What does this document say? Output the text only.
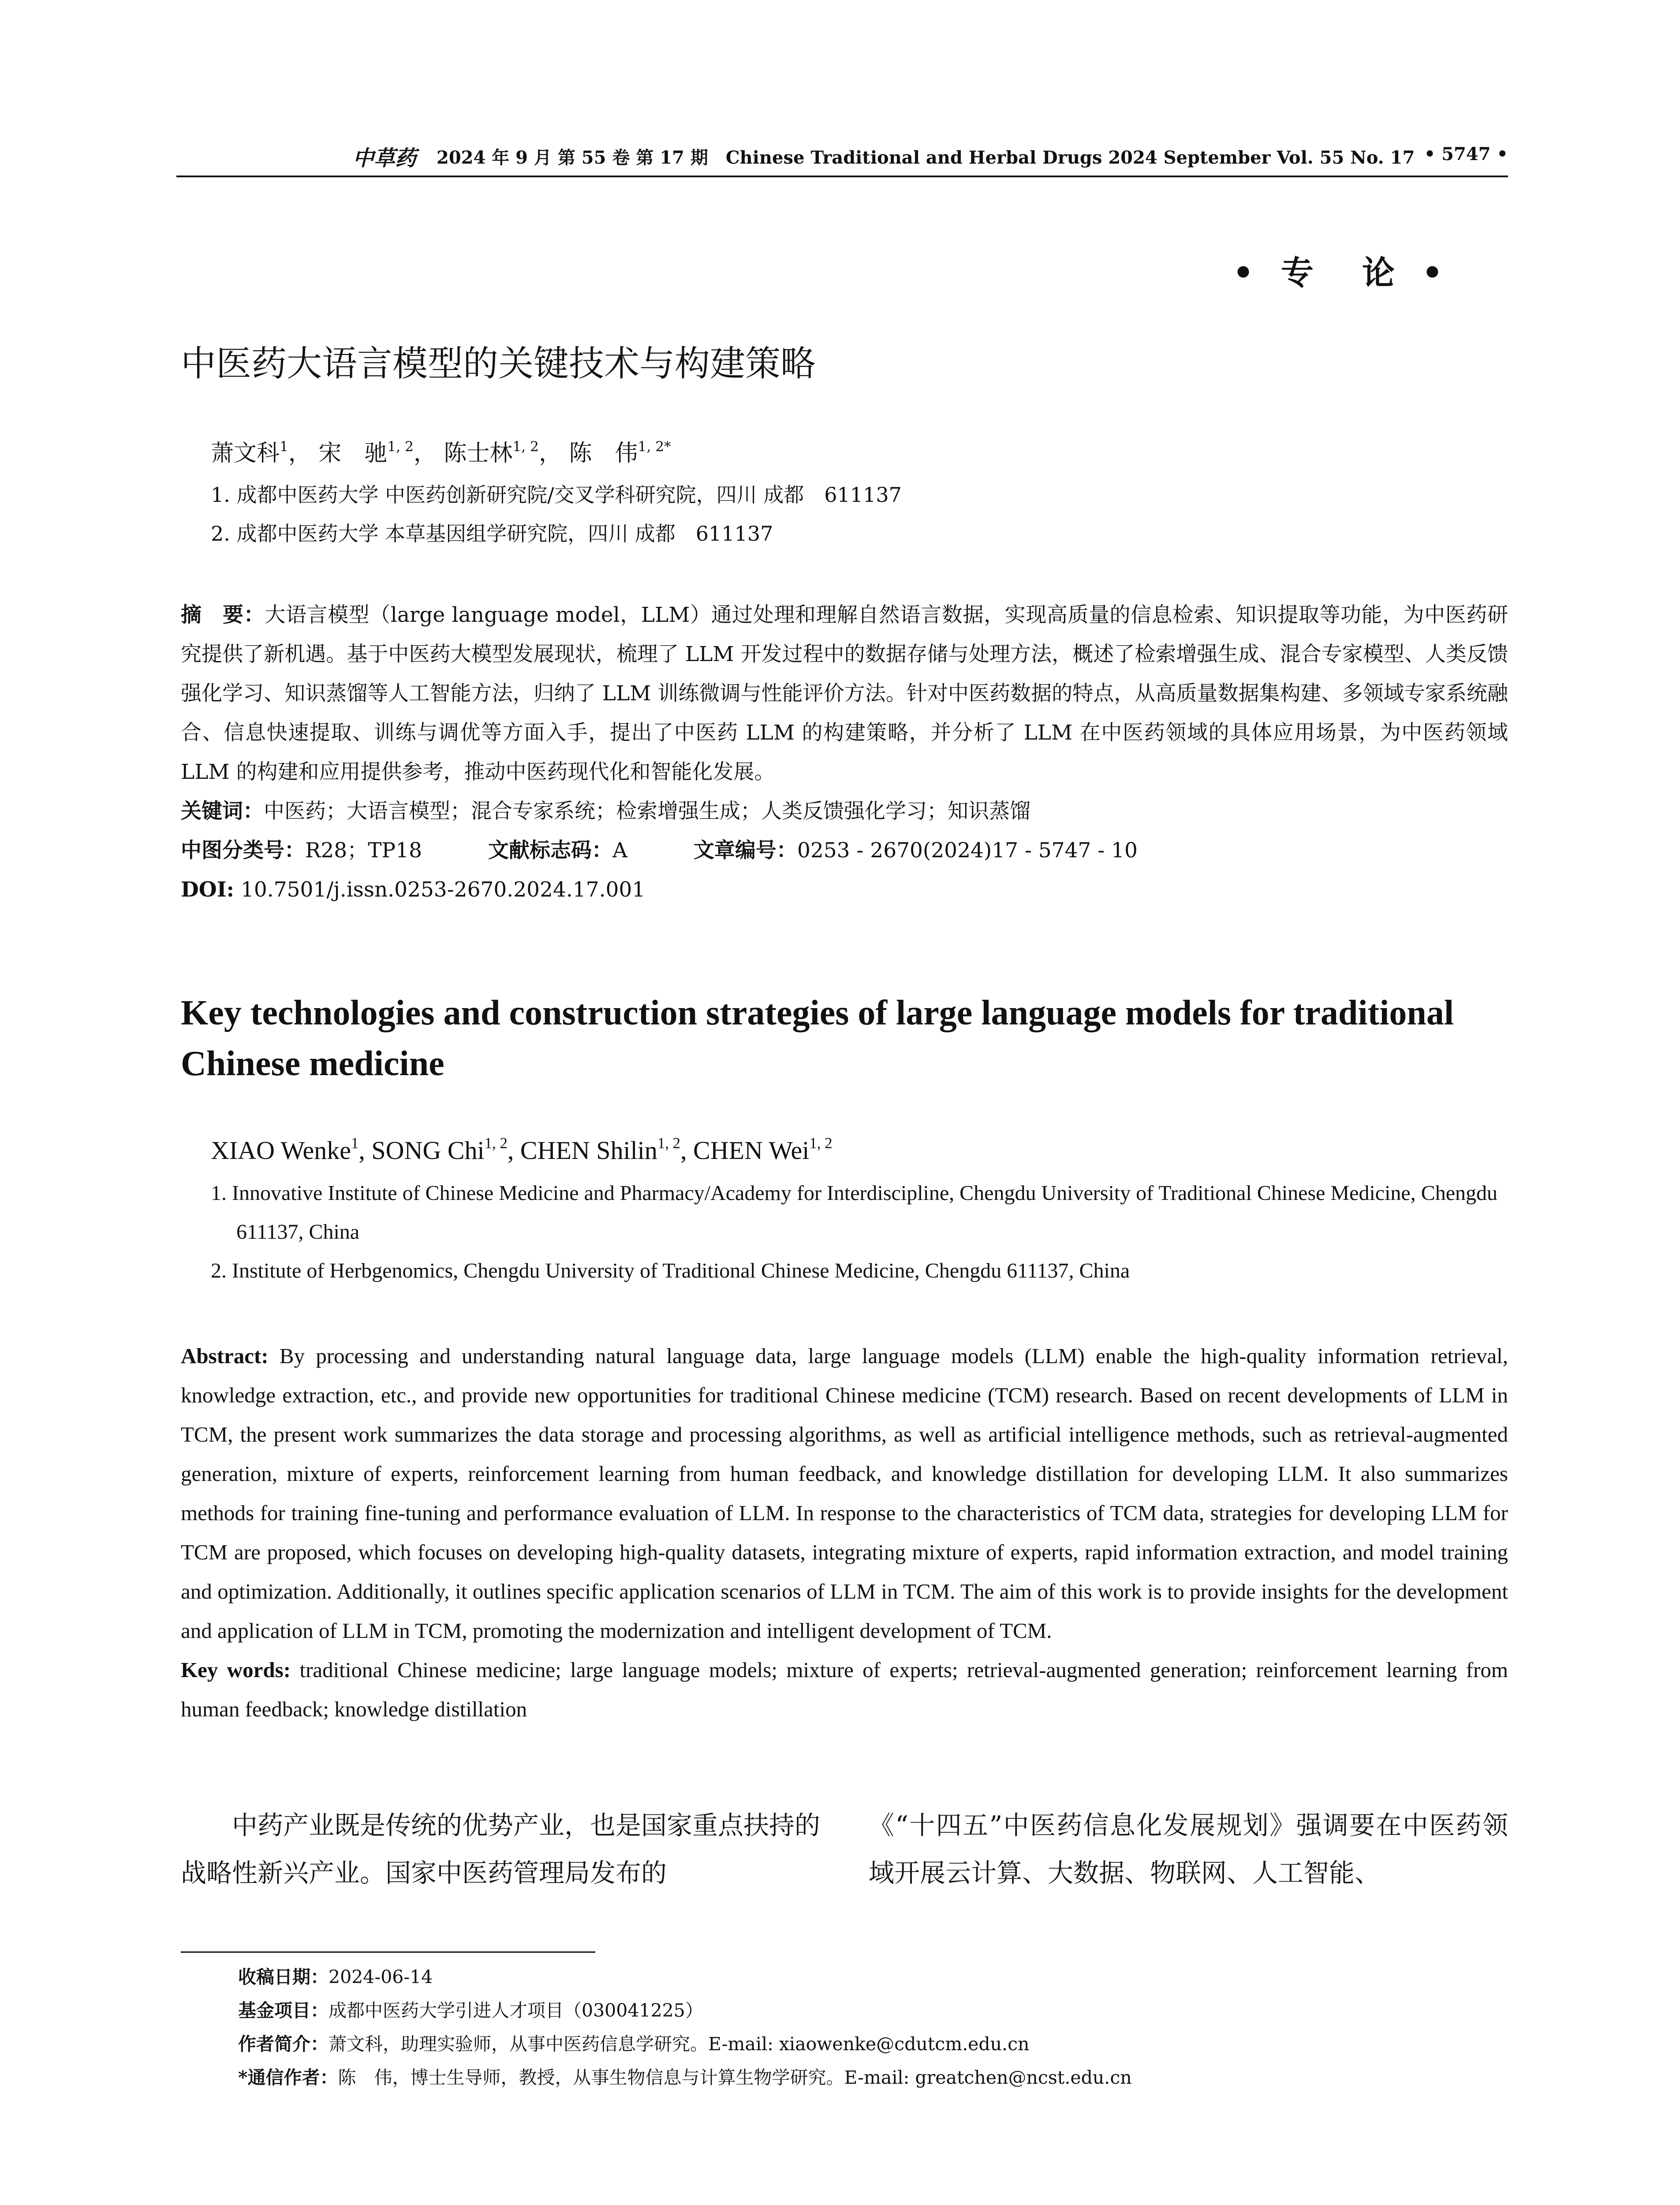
中草药 2024 年 9 月 第 55 卷 第 17 期　Chinese Traditional and Herbal Drugs 2024 September Vol. 55 No. 17 • 5747 •
• 专　论 •
中医药大语言模型的关键技术与构建策略
萧文科$^1$， 宋　驰$^{1, 2}$， 陈士林$^{1, 2}$， 陈　伟$^{1, 2*}$
1. 成都中医药大学 中医药创新研究院/交叉学科研究院，四川 成都　611137
2. 成都中医药大学 本草基因组学研究院，四川 成都　611137
摘　要：大语言模型（large language model，LLM）通过处理和理解自然语言数据，实现高质量的信息检索、知识提取等功能，为中医药研究提供了新机遇。基于中医药大模型发展现状，梳理了 LLM 开发过程中的数据存储与处理方法，概述了检索增强生成、混合专家模型、人类反馈强化学习、知识蒸馏等人工智能方法，归纳了 LLM 训练微调与性能评价方法。针对中医药数据的特点，从高质量数据集构建、多领域专家系统融合、信息快速提取、训练与调优等方面入手，提出了中医药 LLM 的构建策略，并分析了 LLM 在中医药领域的具体应用场景，为中医药领域 LLM 的构建和应用提供参考，推动中医药现代化和智能化发展。
关键词：中医药；大语言模型；混合专家系统；检索增强生成；人类反馈强化学习；知识蒸馏
中图分类号：R28；TP18	文献标志码：A	文章编号：0253 - 2670(2024)17 - 5747 - 10
DOI: 10.7501/j.issn.0253-2670.2024.17.001
Key technologies and construction strategies of large language models for traditional Chinese medicine
XIAO Wenke$^1$, SONG Chi$^{1, 2}$, CHEN Shilin$^{1, 2}$, CHEN Wei$^{1, 2}$
1. Innovative Institute of Chinese Medicine and Pharmacy/Academy for Interdiscipline, Chengdu University of Traditional Chinese Medicine, Chengdu 611137, China
2. Institute of Herbgenomics, Chengdu University of Traditional Chinese Medicine, Chengdu 611137, China
Abstract: By processing and understanding natural language data, large language models (LLM) enable the high-quality information retrieval, knowledge extraction, etc., and provide new opportunities for traditional Chinese medicine (TCM) research. Based on recent developments of LLM in TCM, the present work summarizes the data storage and processing algorithms, as well as artificial intelligence methods, such as retrieval-augmented generation, mixture of experts, reinforcement learning from human feedback, and knowledge distillation for developing LLM. It also summarizes methods for training fine-tuning and performance evaluation of LLM. In response to the characteristics of TCM data, strategies for developing LLM for TCM are proposed, which focuses on developing high-quality datasets, integrating mixture of experts, rapid information extraction, and model training and optimization. Additionally, it outlines specific application scenarios of LLM in TCM. The aim of this work is to provide insights for the development and application of LLM in TCM, promoting the modernization and intelligent development of TCM.
Key words: traditional Chinese medicine; large language models; mixture of experts; retrieval-augmented generation; reinforcement learning from human feedback; knowledge distillation
　　中药产业既是传统的优势产业，也是国家重点扶持的战略性新兴产业。国家中医药管理局发布的
《“十四五”中医药信息化发展规划》强调要在中医药领域开展云计算、大数据、物联网、人工智能、
收稿日期：2024-06-14
基金项目：成都中医药大学引进人才项目（030041225）
作者简介：萧文科，助理实验师，从事中医药信息学研究。E-mail: xiaowenke@cdutcm.edu.cn
*通信作者：陈　伟，博士生导师，教授，从事生物信息与计算生物学研究。E-mail: greatchen@ncst.edu.cn
